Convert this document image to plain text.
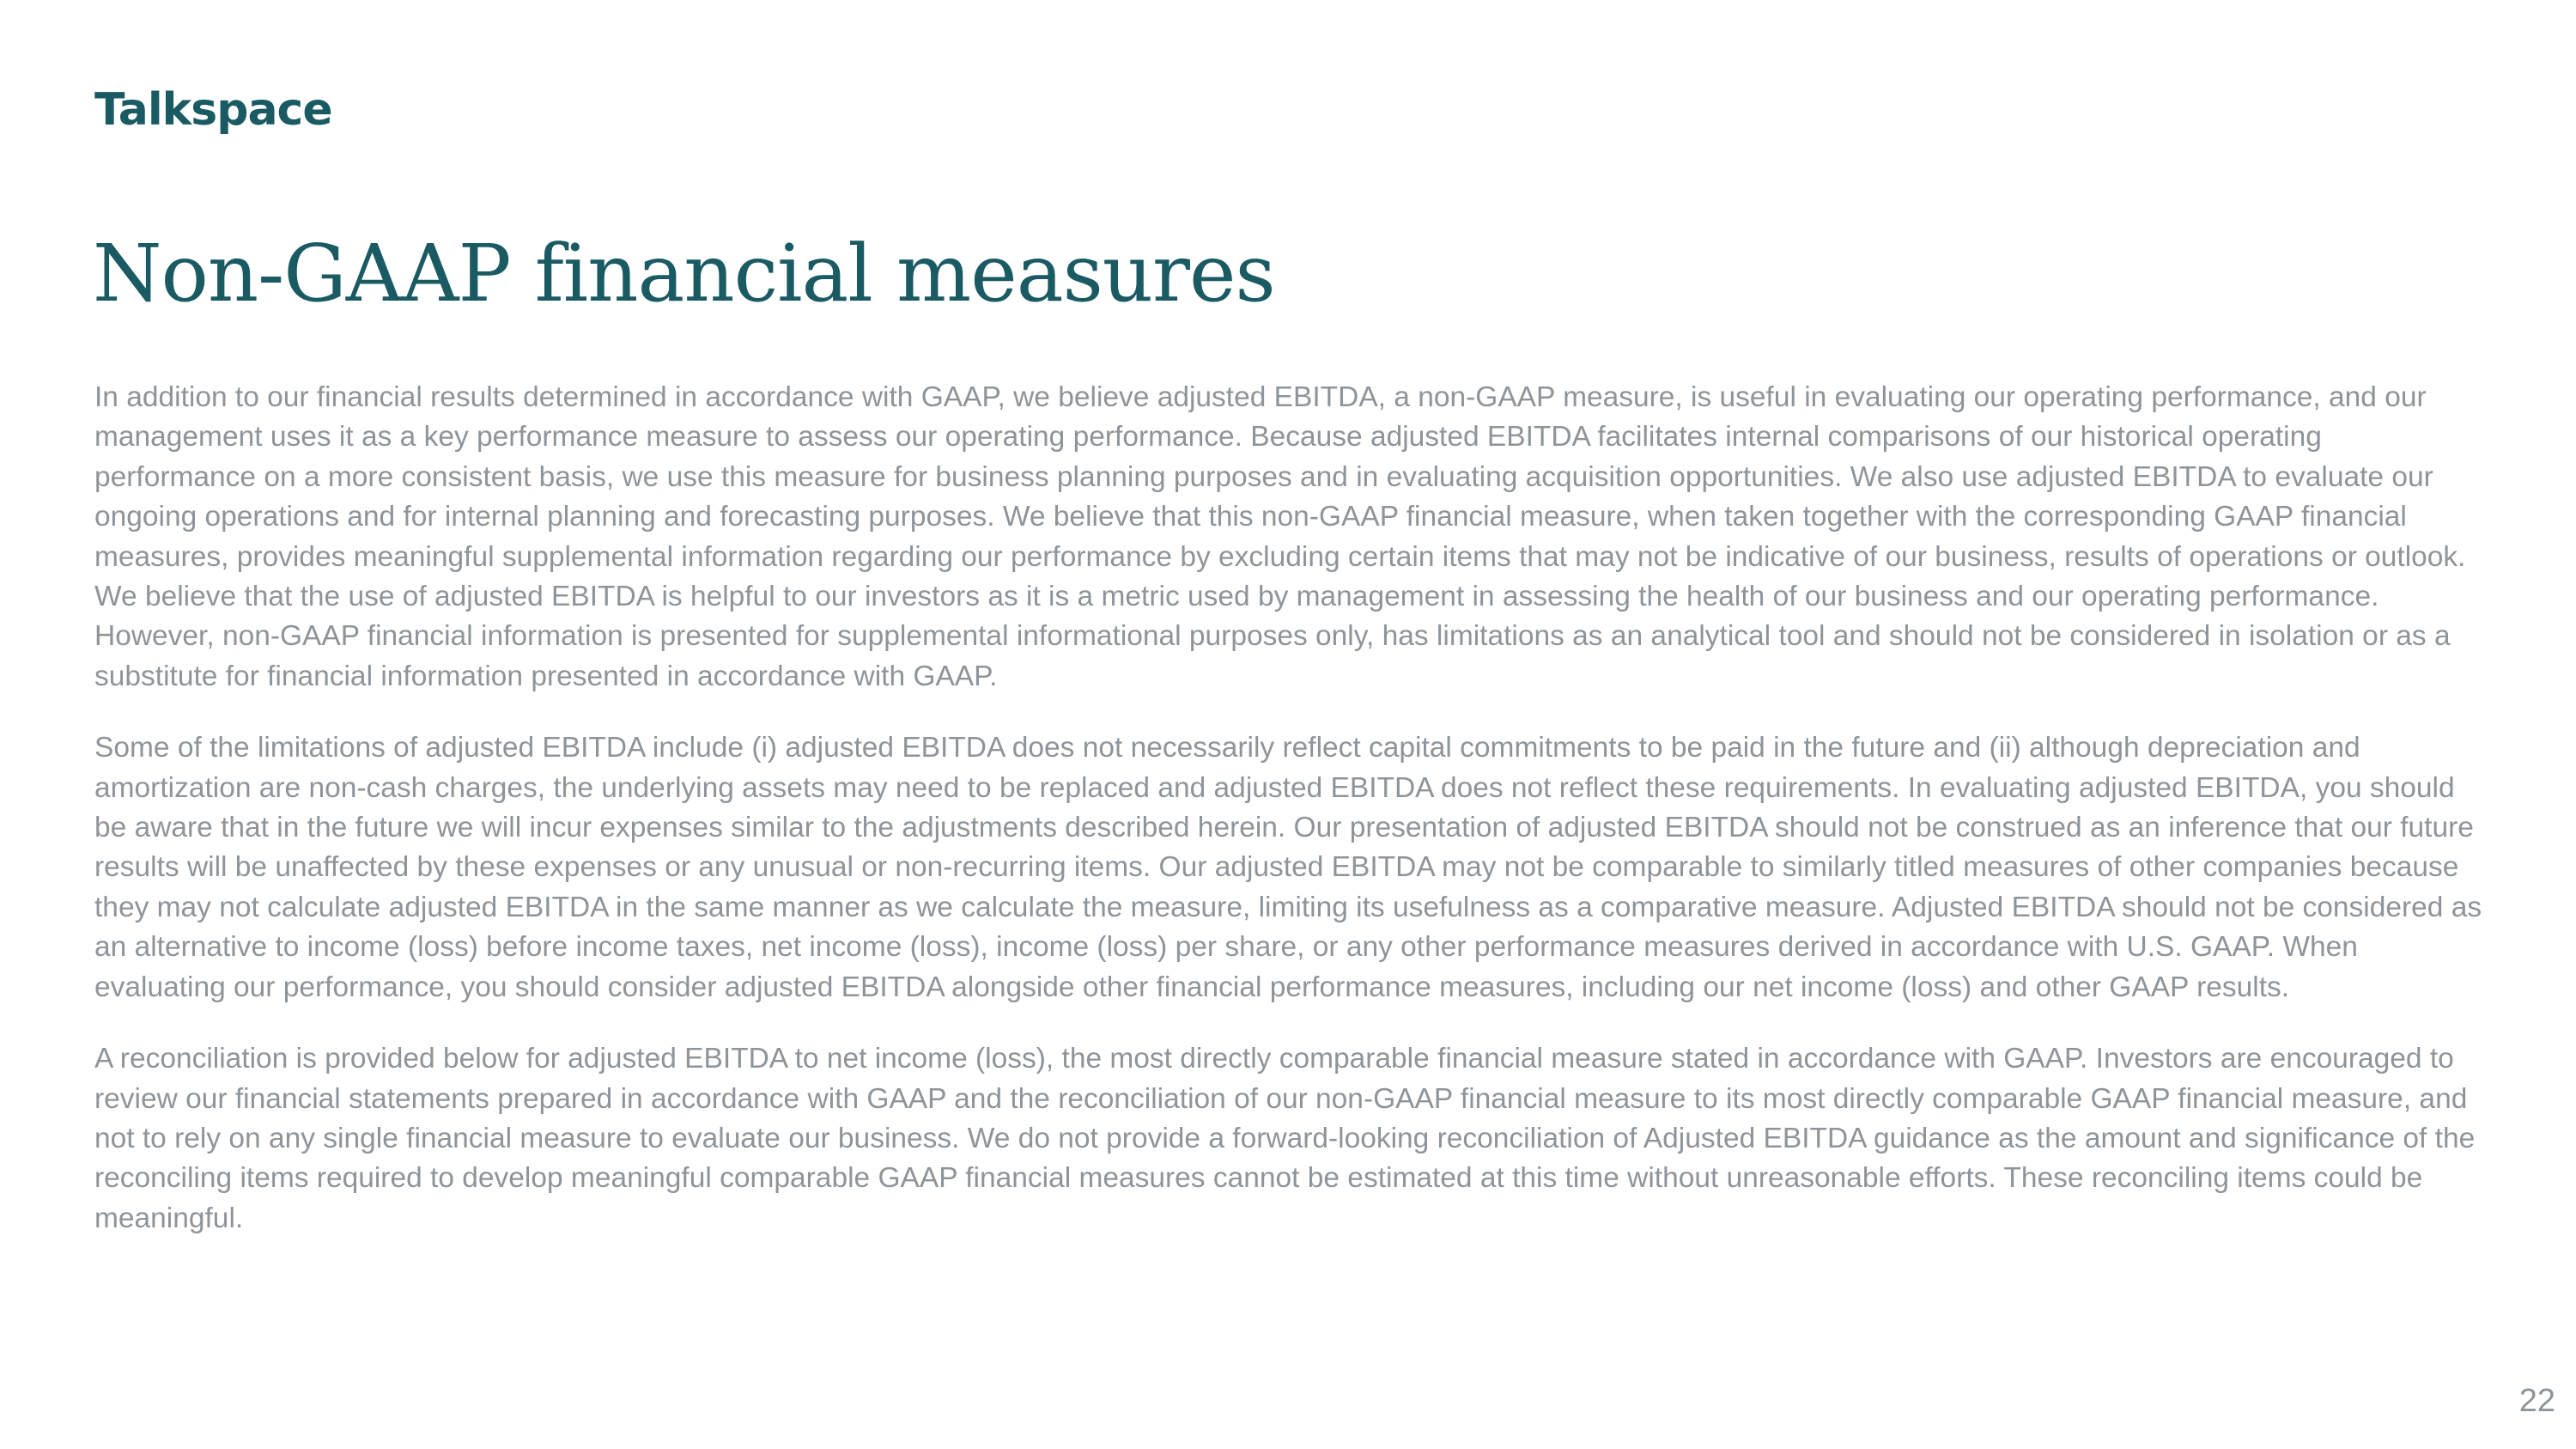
Talkspace
Non-GAAP financial measures

In addition to our financial results determined in accordance with GAAP, we believe adjusted EBITDA, a non-GAAP measure, is useful in evaluating our operating performance, and our management uses it as a key performance measure to assess our operating performance. Because adjusted EBITDA facilitates internal comparisons of our historical operating performance on a more consistent basis, we use this measure for business planning purposes and in evaluating acquisition opportunities. We also use adjusted EBITDA to evaluate our ongoing operations and for internal planning and forecasting purposes. We believe that this non-GAAP financial measure, when taken together with the corresponding GAAP financial measures, provides meaningful supplemental information regarding our performance by excluding certain items that may not be indicative of our business, results of operations or outlook. We believe that the use of adjusted EBITDA is helpful to our investors as it is a metric used by management in assessing the health of our business and our operating performance. However, non-GAAP financial information is presented for supplemental informational purposes only, has limitations as an analytical tool and should not be considered in isolation or as a substitute for financial information presented in accordance with GAAP.

Some of the limitations of adjusted EBITDA include (i) adjusted EBITDA does not necessarily reflect capital commitments to be paid in the future and (ii) although depreciation and amortization are non-cash charges, the underlying assets may need to be replaced and adjusted EBITDA does not reflect these requirements. In evaluating adjusted EBITDA, you should be aware that in the future we will incur expenses similar to the adjustments described herein. Our presentation of adjusted EBITDA should not be construed as an inference that our future results will be unaffected by these expenses or any unusual or non-recurring items. Our adjusted EBITDA may not be comparable to similarly titled measures of other companies because they may not calculate adjusted EBITDA in the same manner as we calculate the measure, limiting its usefulness as a comparative measure. Adjusted EBITDA should not be considered as an alternative to income (loss) before income taxes, net income (loss), income (loss) per share, or any other performance measures derived in accordance with U.S. GAAP. When evaluating our performance, you should consider adjusted EBITDA alongside other financial performance measures, including our net income (loss) and other GAAP results.

A reconciliation is provided below for adjusted EBITDA to net income (loss), the most directly comparable financial measure stated in accordance with GAAP. Investors are encouraged to review our financial statements prepared in accordance with GAAP and the reconciliation of our non-GAAP financial measure to its most directly comparable GAAP financial measure, and not to rely on any single financial measure to evaluate our business. We do not provide a forward-looking reconciliation of Adjusted EBITDA guidance as the amount and significance of the reconciling items required to develop meaningful comparable GAAP financial measures cannot be estimated at this time without unreasonable efforts. These reconciling items could be meaningful.

22
